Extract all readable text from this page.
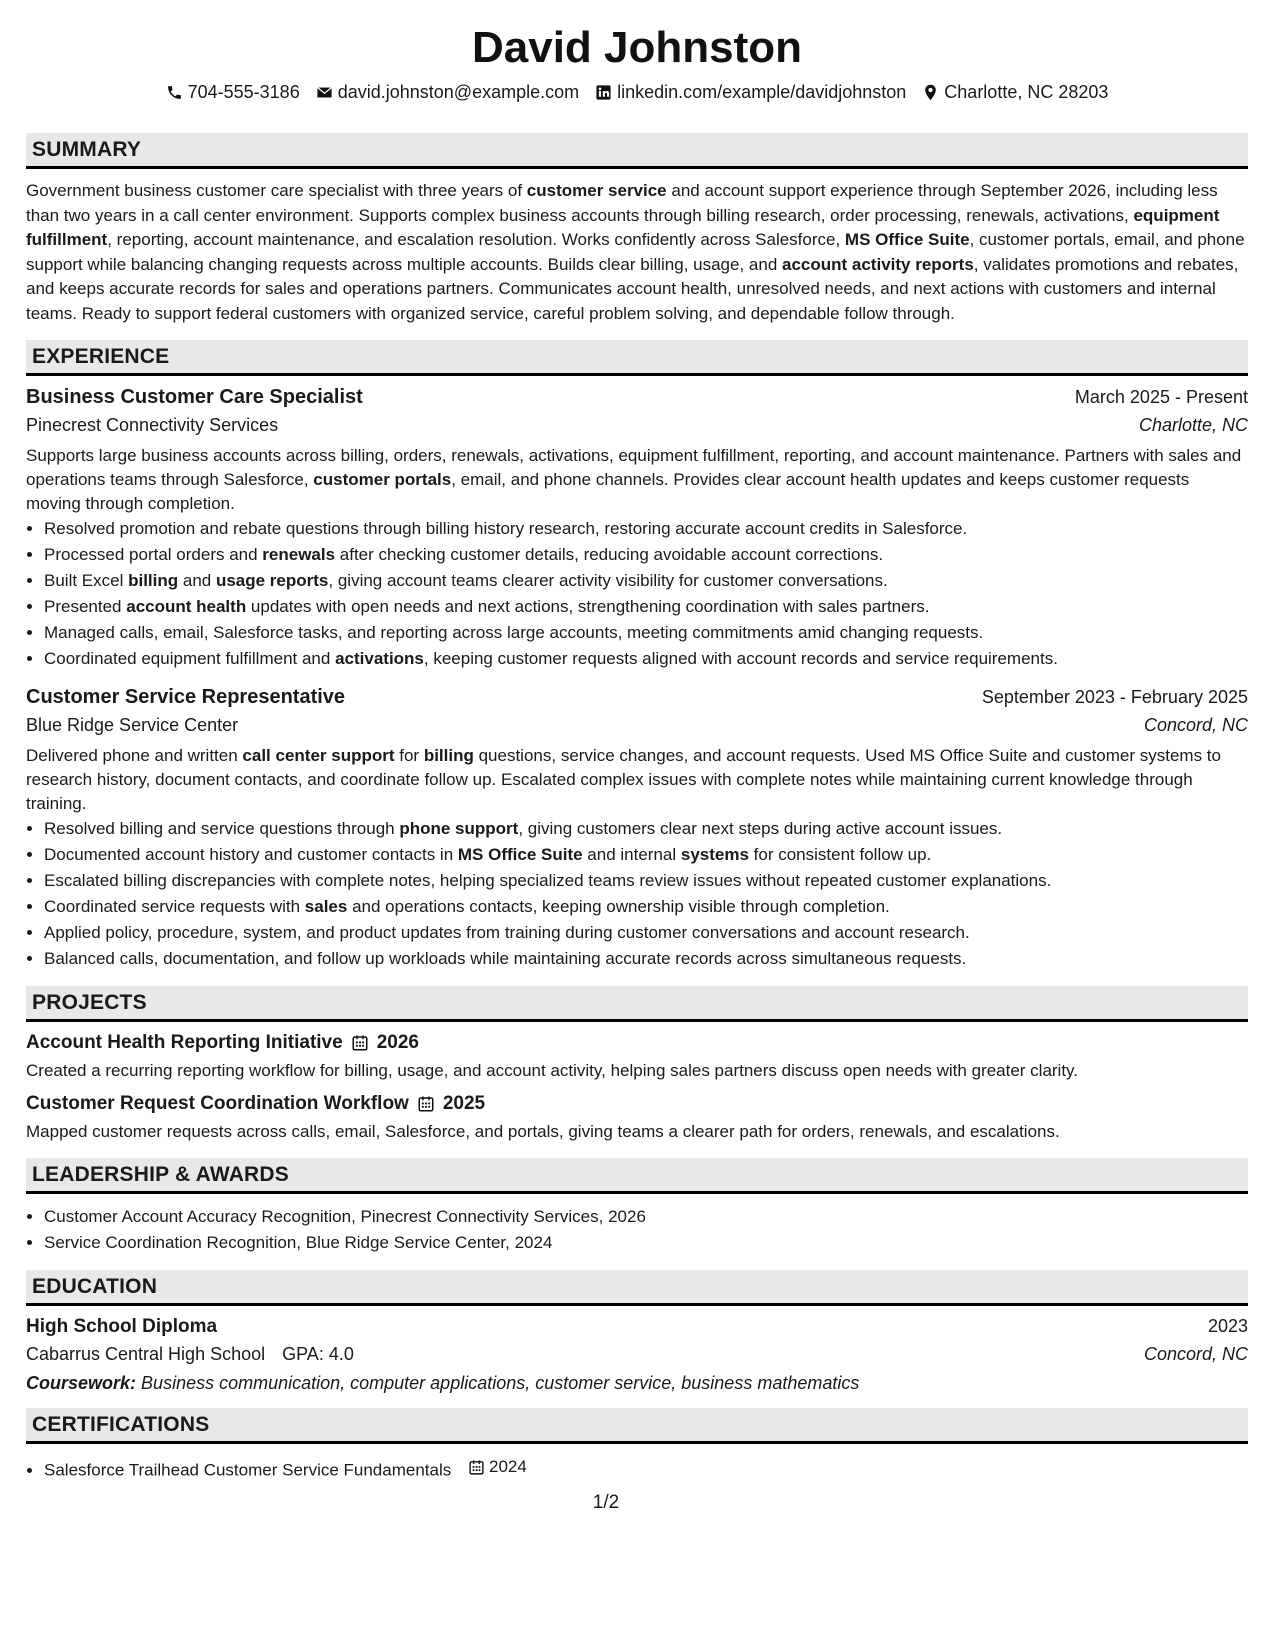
David Johnston
704-555-3186 david.johnston@example.com linkedin.com/example/davidjohnston Charlotte, NC 28203
SUMMARY
Government business customer care specialist with three years of customer service and account support experience through September 2026, including less than two years in a call center environment. Supports complex business accounts through billing research, order processing, renewals, activations, equipment fulfillment, reporting, account maintenance, and escalation resolution. Works confidently across Salesforce, MS Office Suite, customer portals, email, and phone support while balancing changing requests across multiple accounts. Builds clear billing, usage, and account activity reports, validates promotions and rebates, and keeps accurate records for sales and operations partners. Communicates account health, unresolved needs, and next actions with customers and internal teams. Ready to support federal customers with organized service, careful problem solving, and dependable follow through.
EXPERIENCE
Business Customer Care Specialist	March 2025 - Present
Pinecrest Connectivity Services	Charlotte, NC
Supports large business accounts across billing, orders, renewals, activations, equipment fulfillment, reporting, and account maintenance. Partners with sales and operations teams through Salesforce, customer portals, email, and phone channels. Provides clear account health updates and keeps customer requests moving through completion.
• Resolved promotion and rebate questions through billing history research, restoring accurate account credits in Salesforce.
• Processed portal orders and renewals after checking customer details, reducing avoidable account corrections.
• Built Excel billing and usage reports, giving account teams clearer activity visibility for customer conversations.
• Presented account health updates with open needs and next actions, strengthening coordination with sales partners.
• Managed calls, email, Salesforce tasks, and reporting across large accounts, meeting commitments amid changing requests.
• Coordinated equipment fulfillment and activations, keeping customer requests aligned with account records and service requirements.
Customer Service Representative	September 2023 - February 2025
Blue Ridge Service Center	Concord, NC
Delivered phone and written call center support for billing questions, service changes, and account requests. Used MS Office Suite and customer systems to research history, document contacts, and coordinate follow up. Escalated complex issues with complete notes while maintaining current knowledge through training.
• Resolved billing and service questions through phone support, giving customers clear next steps during active account issues.
• Documented account history and customer contacts in MS Office Suite and internal systems for consistent follow up.
• Escalated billing discrepancies with complete notes, helping specialized teams review issues without repeated customer explanations.
• Coordinated service requests with sales and operations contacts, keeping ownership visible through completion.
• Applied policy, procedure, system, and product updates from training during customer conversations and account research.
• Balanced calls, documentation, and follow up workloads while maintaining accurate records across simultaneous requests.
PROJECTS
Account Health Reporting Initiative 2026
Created a recurring reporting workflow for billing, usage, and account activity, helping sales partners discuss open needs with greater clarity.
Customer Request Coordination Workflow 2025
Mapped customer requests across calls, email, Salesforce, and portals, giving teams a clearer path for orders, renewals, and escalations.
LEADERSHIP & AWARDS
• Customer Account Accuracy Recognition, Pinecrest Connectivity Services, 2026
• Service Coordination Recognition, Blue Ridge Service Center, 2024
EDUCATION
High School Diploma	2023
Cabarrus Central High School GPA: 4.0	Concord, NC
Coursework: Business communication, computer applications, customer service, business mathematics
CERTIFICATIONS
• Salesforce Trailhead Customer Service Fundamentals 2024
1/2
